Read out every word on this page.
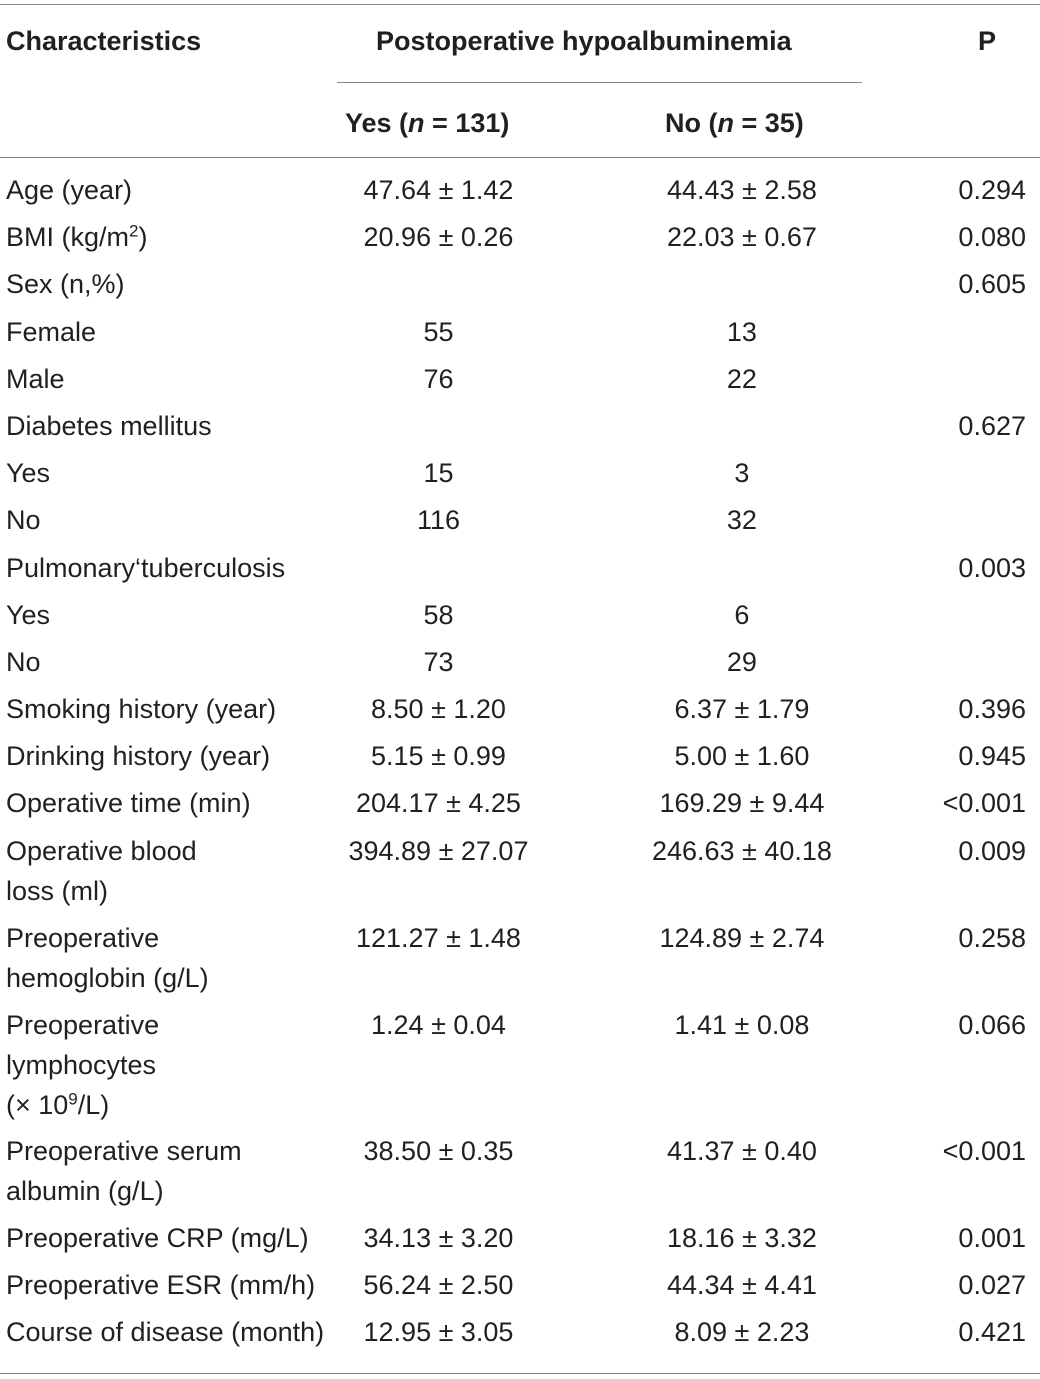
Characteristics	Postoperative hypoalbuminemia	P
Yes (n = 131)	No (n = 35)
Age (year)	47.64 ± 1.42	44.43 ± 2.58	0.294
BMI $(kg/m^2)$	20.96 ± 0.26	22.03 ± 0.67	0.080
Sex (n,%)			0.605
Female	55	13	
Male	76	22	
Diabetes mellitus			0.627
Yes	15	3	
No	116	32	
Pulmonary‘tuberculosis			0.003
Yes	58	6	
No	73	29	
Smoking history (year)	8.50 ± 1.20	6.37 ± 1.79	0.396
Drinking history (year)	5.15 ± 0.99	5.00 ± 1.60	0.945
Operative time (min)	204.17 ± 4.25	169.29 ± 9.44	<0.001

Operative blood
loss (ml)	394.89 ± 27.07	246.63 ± 40.18	0.009

Preoperative
hemoglobin (g/L)	121.27 ± 1.48	124.89 ± 2.74	0.258

Preoperative
lymphocytes
(× $10^9/L$)	1.24 ± 0.04	1.41 ± 0.08	0.066

Preoperative serum
albumin (g/L)	38.50 ± 0.35	41.37 ± 0.40	<0.001
Preoperative CRP (mg/L)	34.13 ± 3.20	18.16 ± 3.32	0.001
Preoperative ESR (mm/h)	56.24 ± 2.50	44.34 ± 4.41	0.027
Course of disease (month)	12.95 ± 3.05	8.09 ± 2.23	0.421
